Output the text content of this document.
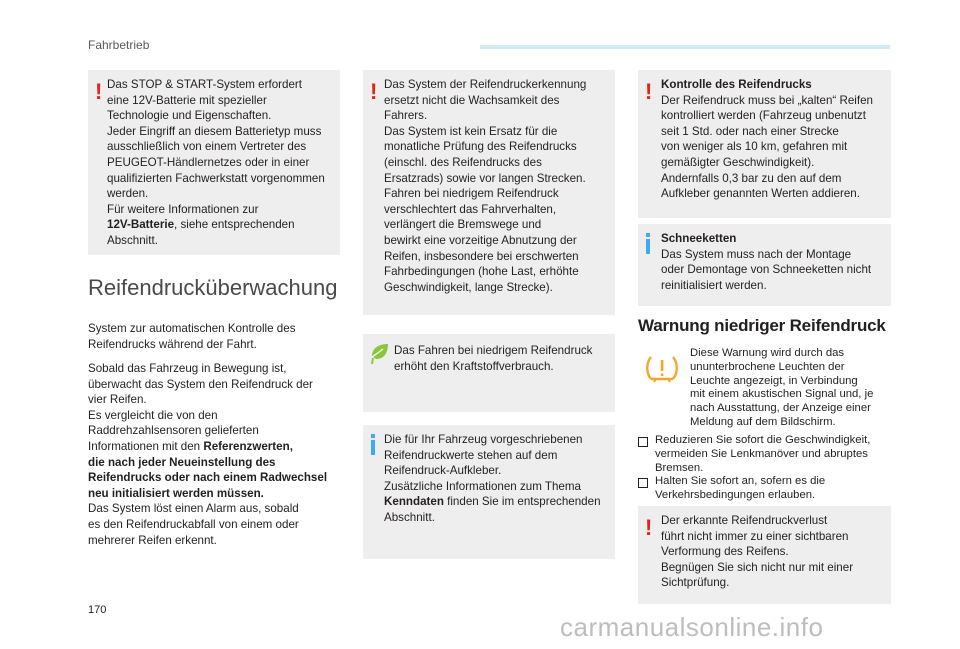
Fahrbetrieb
! Das STOP & START-System erfordert

eine 12V-Batterie mit spezieller

Technologie und Eigenschaften.

Jeder Eingriff an diesem Batterietyp muss

ausschließlich von einem Vertreter des

PEUGEOT-Händlernetzes oder in einer

qualifizierten Fachwerkstatt vorgenommen

werden.

Für weitere Informationen zur

12V-Batterie, siehe entsprechenden

Abschnitt.

Reifendrucküberwachung

System zur automatischen Kontrolle des

Reifendrucks während der Fahrt.

Sobald das Fahrzeug in Bewegung ist,

überwacht das System den Reifendruck der

vier Reifen.

Es vergleicht die von den

Raddrehzahlsensoren gelieferten

Informationen mit den Referenzwerten,

die nach jeder Neueinstellung des

Reifendrucks oder nach einem Radwechsel

neu initialisiert werden müssen.

Das System löst einen Alarm aus, sobald

es den Reifendruckabfall von einem oder

mehrerer Reifen erkennt.

! Das System der Reifendruckerkennung

ersetzt nicht die Wachsamkeit des

Fahrers.

Das System ist kein Ersatz für die

monatliche Prüfung des Reifendrucks

(einschl. des Reifendrucks des

Ersatzrads) sowie vor langen Strecken.

Fahren bei niedrigem Reifendruck

verschlechtert das Fahrverhalten,

verlängert die Bremswege und

bewirkt eine vorzeitige Abnutzung der

Reifen, insbesondere bei erschwerten

Fahrbedingungen (hohe Last, erhöhte

Geschwindigkeit, lange Strecke).

Das Fahren bei niedrigem Reifendruck

erhöht den Kraftstoffverbrauch.

Die für Ihr Fahrzeug vorgeschriebenen

Reifendruckwerte stehen auf dem

Reifendruck-Aufkleber.

Zusätzliche Informationen zum Thema

Kenndaten finden Sie im entsprechenden

Abschnitt.

! Kontrolle des Reifendrucks

Der Reifendruck muss bei „kalten“ Reifen

kontrolliert werden (Fahrzeug unbenutzt

seit 1 Std. oder nach einer Strecke

von weniger als 10 km, gefahren mit

gemäßigter Geschwindigkeit).

Andernfalls 0,3 bar zu den auf dem

Aufkleber genannten Werten addieren.

Schneeketten

Das System muss nach der Montage

oder Demontage von Schneeketten nicht

reinitialisiert werden.

Warnung niedriger Reifendruck

Diese Warnung wird durch das

ununterbrochene Leuchten der

Leuchte angezeigt, in Verbindung

mit einem akustischen Signal und, je

nach Ausstattung, der Anzeige einer

Meldung auf dem Bildschirm.

Reduzieren Sie sofort die Geschwindigkeit,

vermeiden Sie Lenkmanöver und abruptes

Bremsen.

Halten Sie sofort an, sofern es die

Verkehrsbedingungen erlauben.

! Der erkannte Reifendruckverlust

führt nicht immer zu einer sichtbaren

Verformung des Reifens.

Begnügen Sie sich nicht nur mit einer

Sichtprüfung.

170
carmanualsonline.info
